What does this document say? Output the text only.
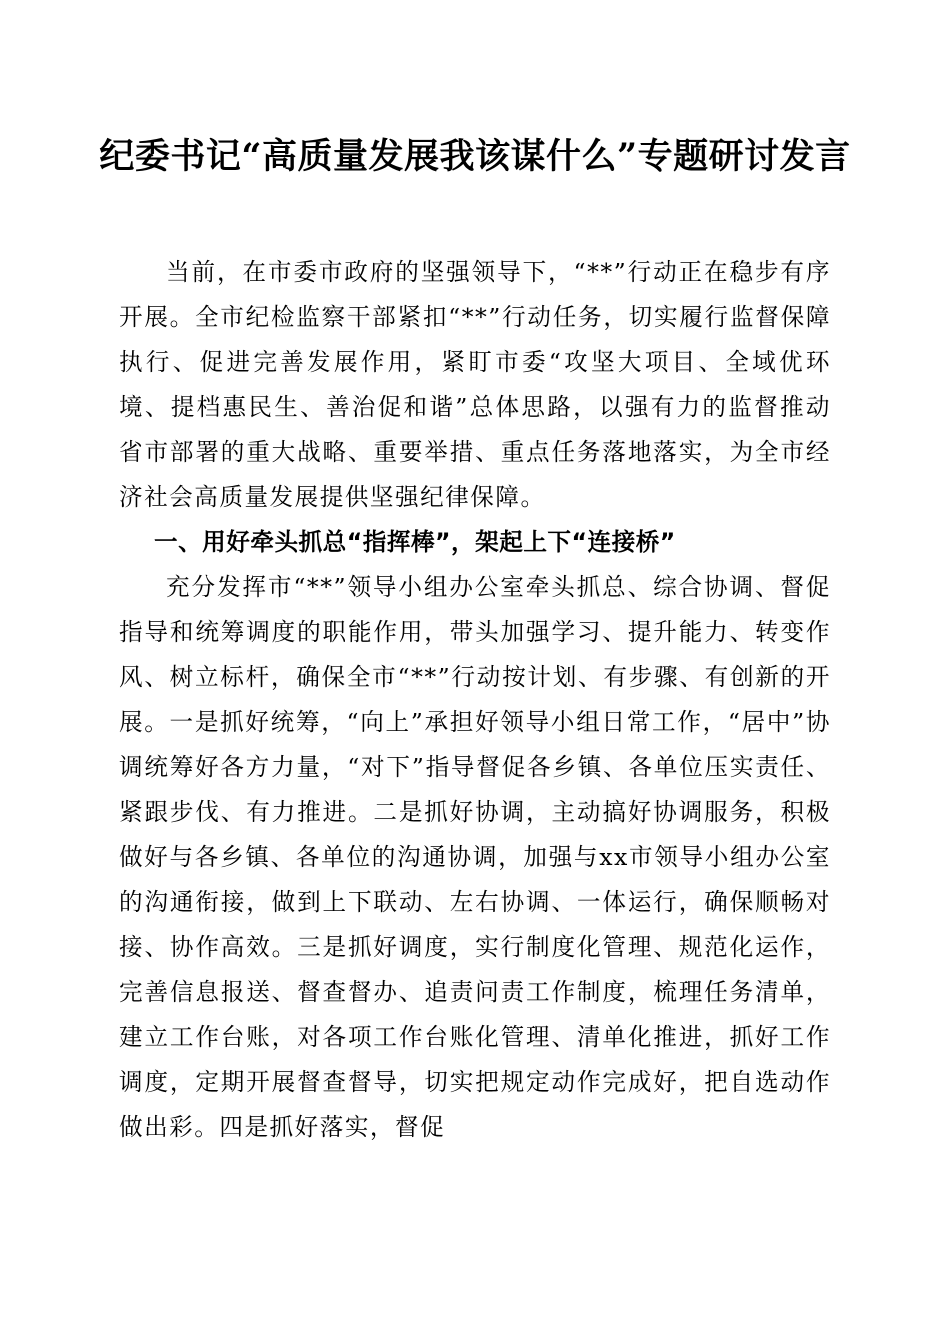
纪委书记“高质量发展我该谋什么”专题研讨发言

当前，在市委市政府的坚强领导下，“**”行动正在稳步有序开展。全市纪检监察干部紧扣“**”行动任务，切实履行监督保障执行、促进完善发展作用，紧盯市委“攻坚大项目、全域优环境、提档惠民生、善治促和谐”总体思路，以强有力的监督推动省市部署的重大战略、重要举措、重点任务落地落实，为全市经济社会高质量发展提供坚强纪律保障。

一、用好牵头抓总“指挥棒”，架起上下“连接桥”

充分发挥市“**”领导小组办公室牵头抓总、综合协调、督促指导和统筹调度的职能作用，带头加强学习、提升能力、转变作风、树立标杆，确保全市“**”行动按计划、有步骤、有创新的开展。一是抓好统筹，“向上”承担好领导小组日常工作，“居中”协调统筹好各方力量，“对下”指导督促各乡镇、各单位压实责任、紧跟步伐、有力推进。二是抓好协调，主动搞好协调服务，积极做好与各乡镇、各单位的沟通协调，加强与xx市领导小组办公室的沟通衔接，做到上下联动、左右协调、一体运行，确保顺畅对接、协作高效。三是抓好调度，实行制度化管理、规范化运作，完善信息报送、督查督办、追责问责工作制度，梳理任务清单，建立工作台账，对各项工作台账化管理、清单化推进，抓好工作调度，定期开展督查督导，切实把规定动作完成好，把自选动作做出彩。四是抓好落实，督促
